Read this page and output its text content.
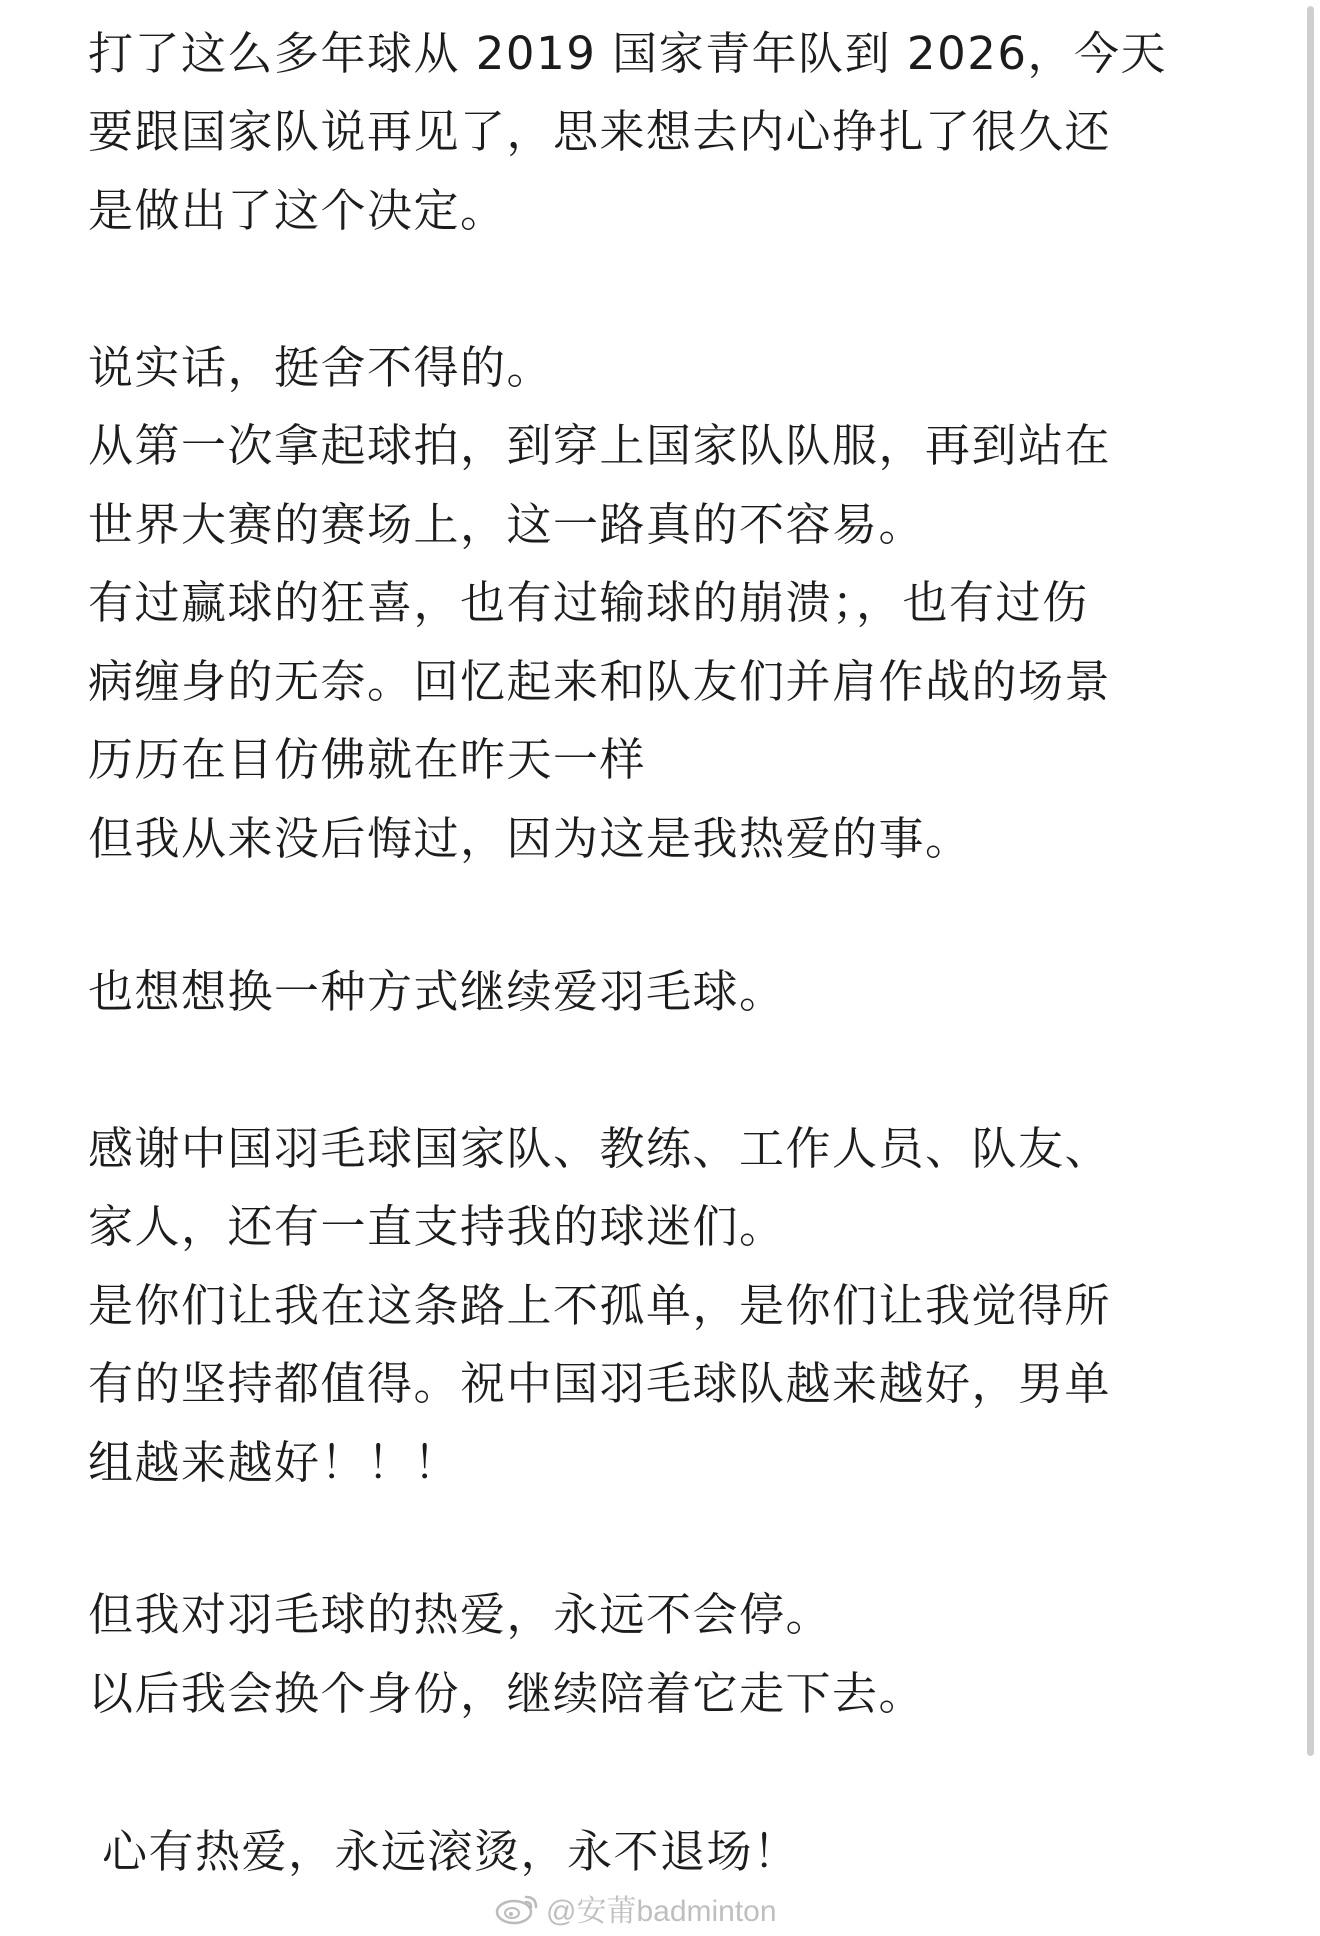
打了这么多年球从 2019 国家青年队到 2026，今天
要跟国家队说再见了，思来想去内心挣扎了很久还
是做出了这个决定。
说实话，挺舍不得的。
从第一次拿起球拍，到穿上国家队队服，再到站在
世界大赛的赛场上，这一路真的不容易。
有过赢球的狂喜，也有过输球的崩溃；，也有过伤
病缠身的无奈。回忆起来和队友们并肩作战的场景
历历在目仿佛就在昨天一样
但我从来没后悔过，因为这是我热爱的事。
也想想换一种方式继续爱羽毛球。
感谢中国羽毛球国家队、教练、工作人员、队友、
家人，还有一直支持我的球迷们。
是你们让我在这条路上不孤单，是你们让我觉得所
有的坚持都值得。祝中国羽毛球队越来越好，男单
组越来越好！！！
但我对羽毛球的热爱，永远不会停。
以后我会换个身份，继续陪着它走下去。
心有热爱，永远滚烫，永不退场！
@安莆badminton
